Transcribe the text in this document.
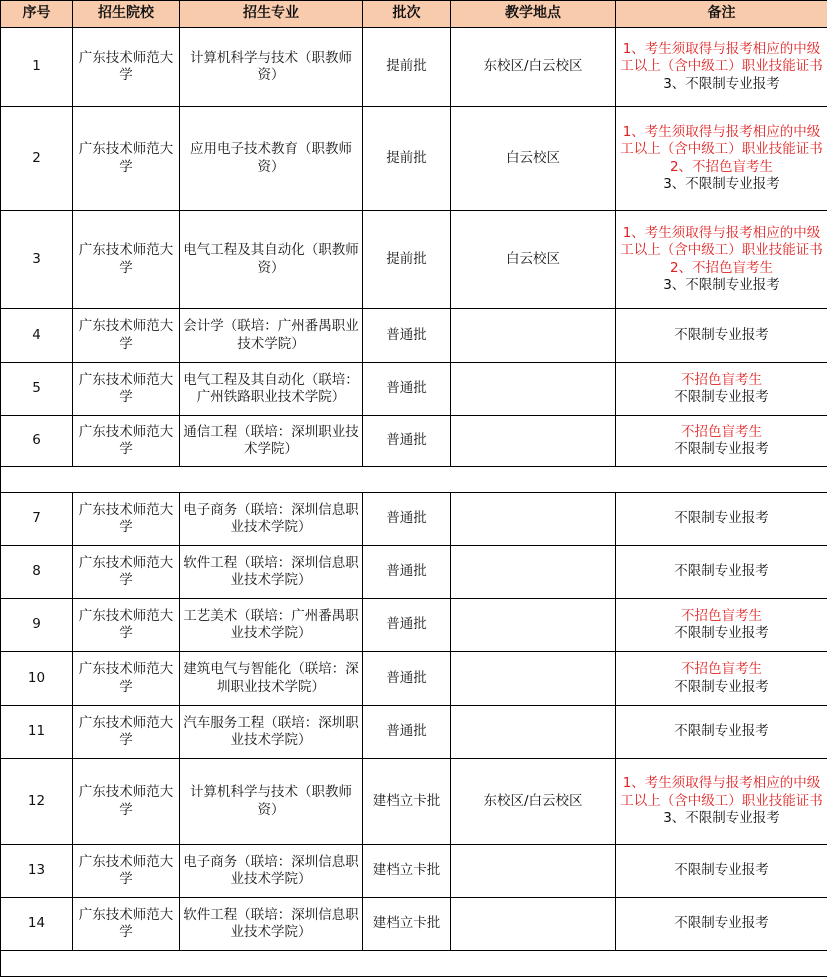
序号	招生院校	招生专业	批次	教学地点	备注
1	广东技术师范大学	计算机科学与技术（职教师资）	提前批	东校区/白云校区	1、考生须取得与报考相应的中级工以上（含中级工）职业技能证书
3、不限制专业报考

2	广东技术师范大学	应用电子技术教育（职教师资）	提前批	白云校区	1、考生须取得与报考相应的中级工以上（含中级工）职业技能证书
2、不招色盲考生
3、不限制专业报考

3	广东技术师范大学	电气工程及其自动化（职教师资）	提前批	白云校区	1、考生须取得与报考相应的中级工以上（含中级工）职业技能证书
2、不招色盲考生
3、不限制专业报考

4	广东技术师范大学	会计学（联培：广州番禺职业技术学院）	普通批		不限制专业报考

5	广东技术师范大学	电气工程及其自动化（联培：广州铁路职业技术学院）	普通批		不招色盲考生
不限制专业报考

6	广东技术师范大学	通信工程（联培：深圳职业技术学院）	普通批		不招色盲考生
不限制专业报考

7	广东技术师范大学	电子商务（联培：深圳信息职业技术学院）	普通批		不限制专业报考

8	广东技术师范大学	软件工程（联培：深圳信息职业技术学院）	普通批		不限制专业报考

9	广东技术师范大学	工艺美术（联培：广州番禺职业技术学院）	普通批		不招色盲考生
不限制专业报考

10	广东技术师范大学	建筑电气与智能化（联培：深圳职业技术学院）	普通批		不招色盲考生
不限制专业报考

11	广东技术师范大学	汽车服务工程（联培：深圳职业技术学院）	普通批		不限制专业报考

12	广东技术师范大学	计算机科学与技术（职教师资）	建档立卡批	东校区/白云校区	1、考生须取得与报考相应的中级工以上（含中级工）职业技能证书
3、不限制专业报考

13	广东技术师范大学	电子商务（联培：深圳信息职业技术学院）	建档立卡批		不限制专业报考

14	广东技术师范大学	软件工程（联培：深圳信息职业技术学院）	建档立卡批		不限制专业报考
